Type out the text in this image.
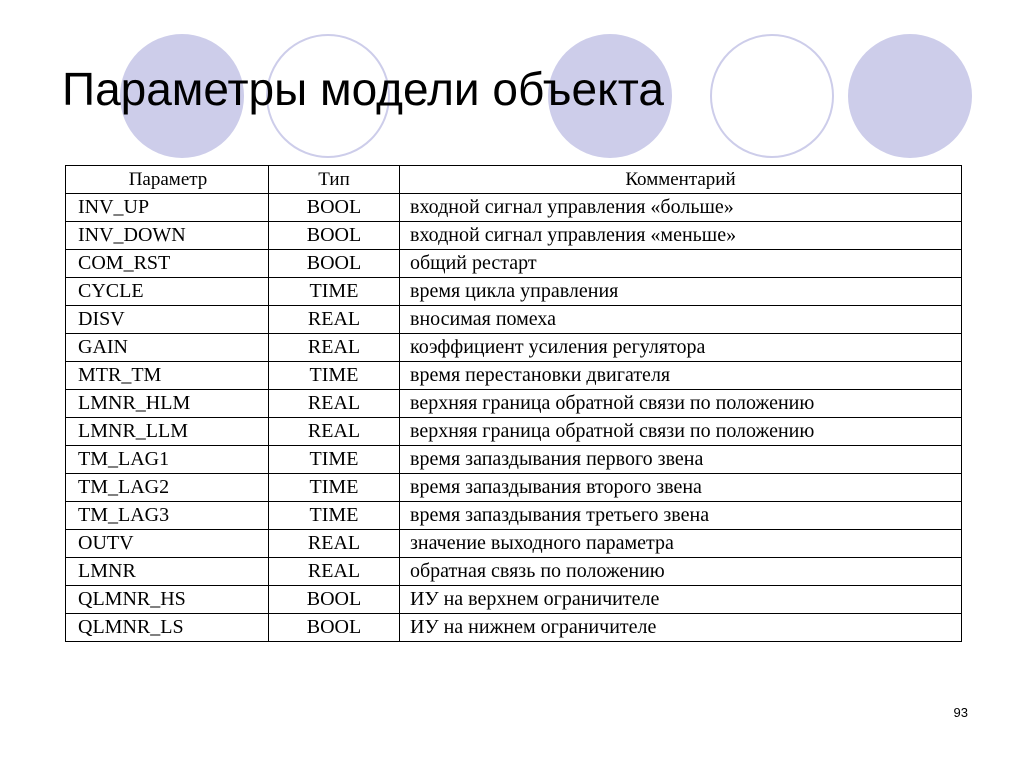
Параметры модели объекта
Параметр	Тип	Комментарий
INV_UP	BOOL	входной сигнал управления «больше»
INV_DOWN	BOOL	входной сигнал управления «меньше»
COM_RST	BOOL	общий рестарт
CYCLE	TIME	время цикла управления
DISV	REAL	вносимая помеха
GAIN	REAL	коэффициент усиления регулятора
MTR_TM	TIME	время перестановки двигателя
LMNR_HLM	REAL	верхняя граница обратной связи по положению
LMNR_LLM	REAL	верхняя граница обратной связи по положению
TM_LAG1	TIME	время запаздывания первого звена
TM_LAG2	TIME	время запаздывания второго звена
TM_LAG3	TIME	время запаздывания третьего звена
OUTV	REAL	значение выходного параметра
LMNR	REAL	обратная связь по положению
QLMNR_HS	BOOL	ИУ на верхнем ограничителе
QLMNR_LS	BOOL	ИУ на нижнем ограничителе
93
